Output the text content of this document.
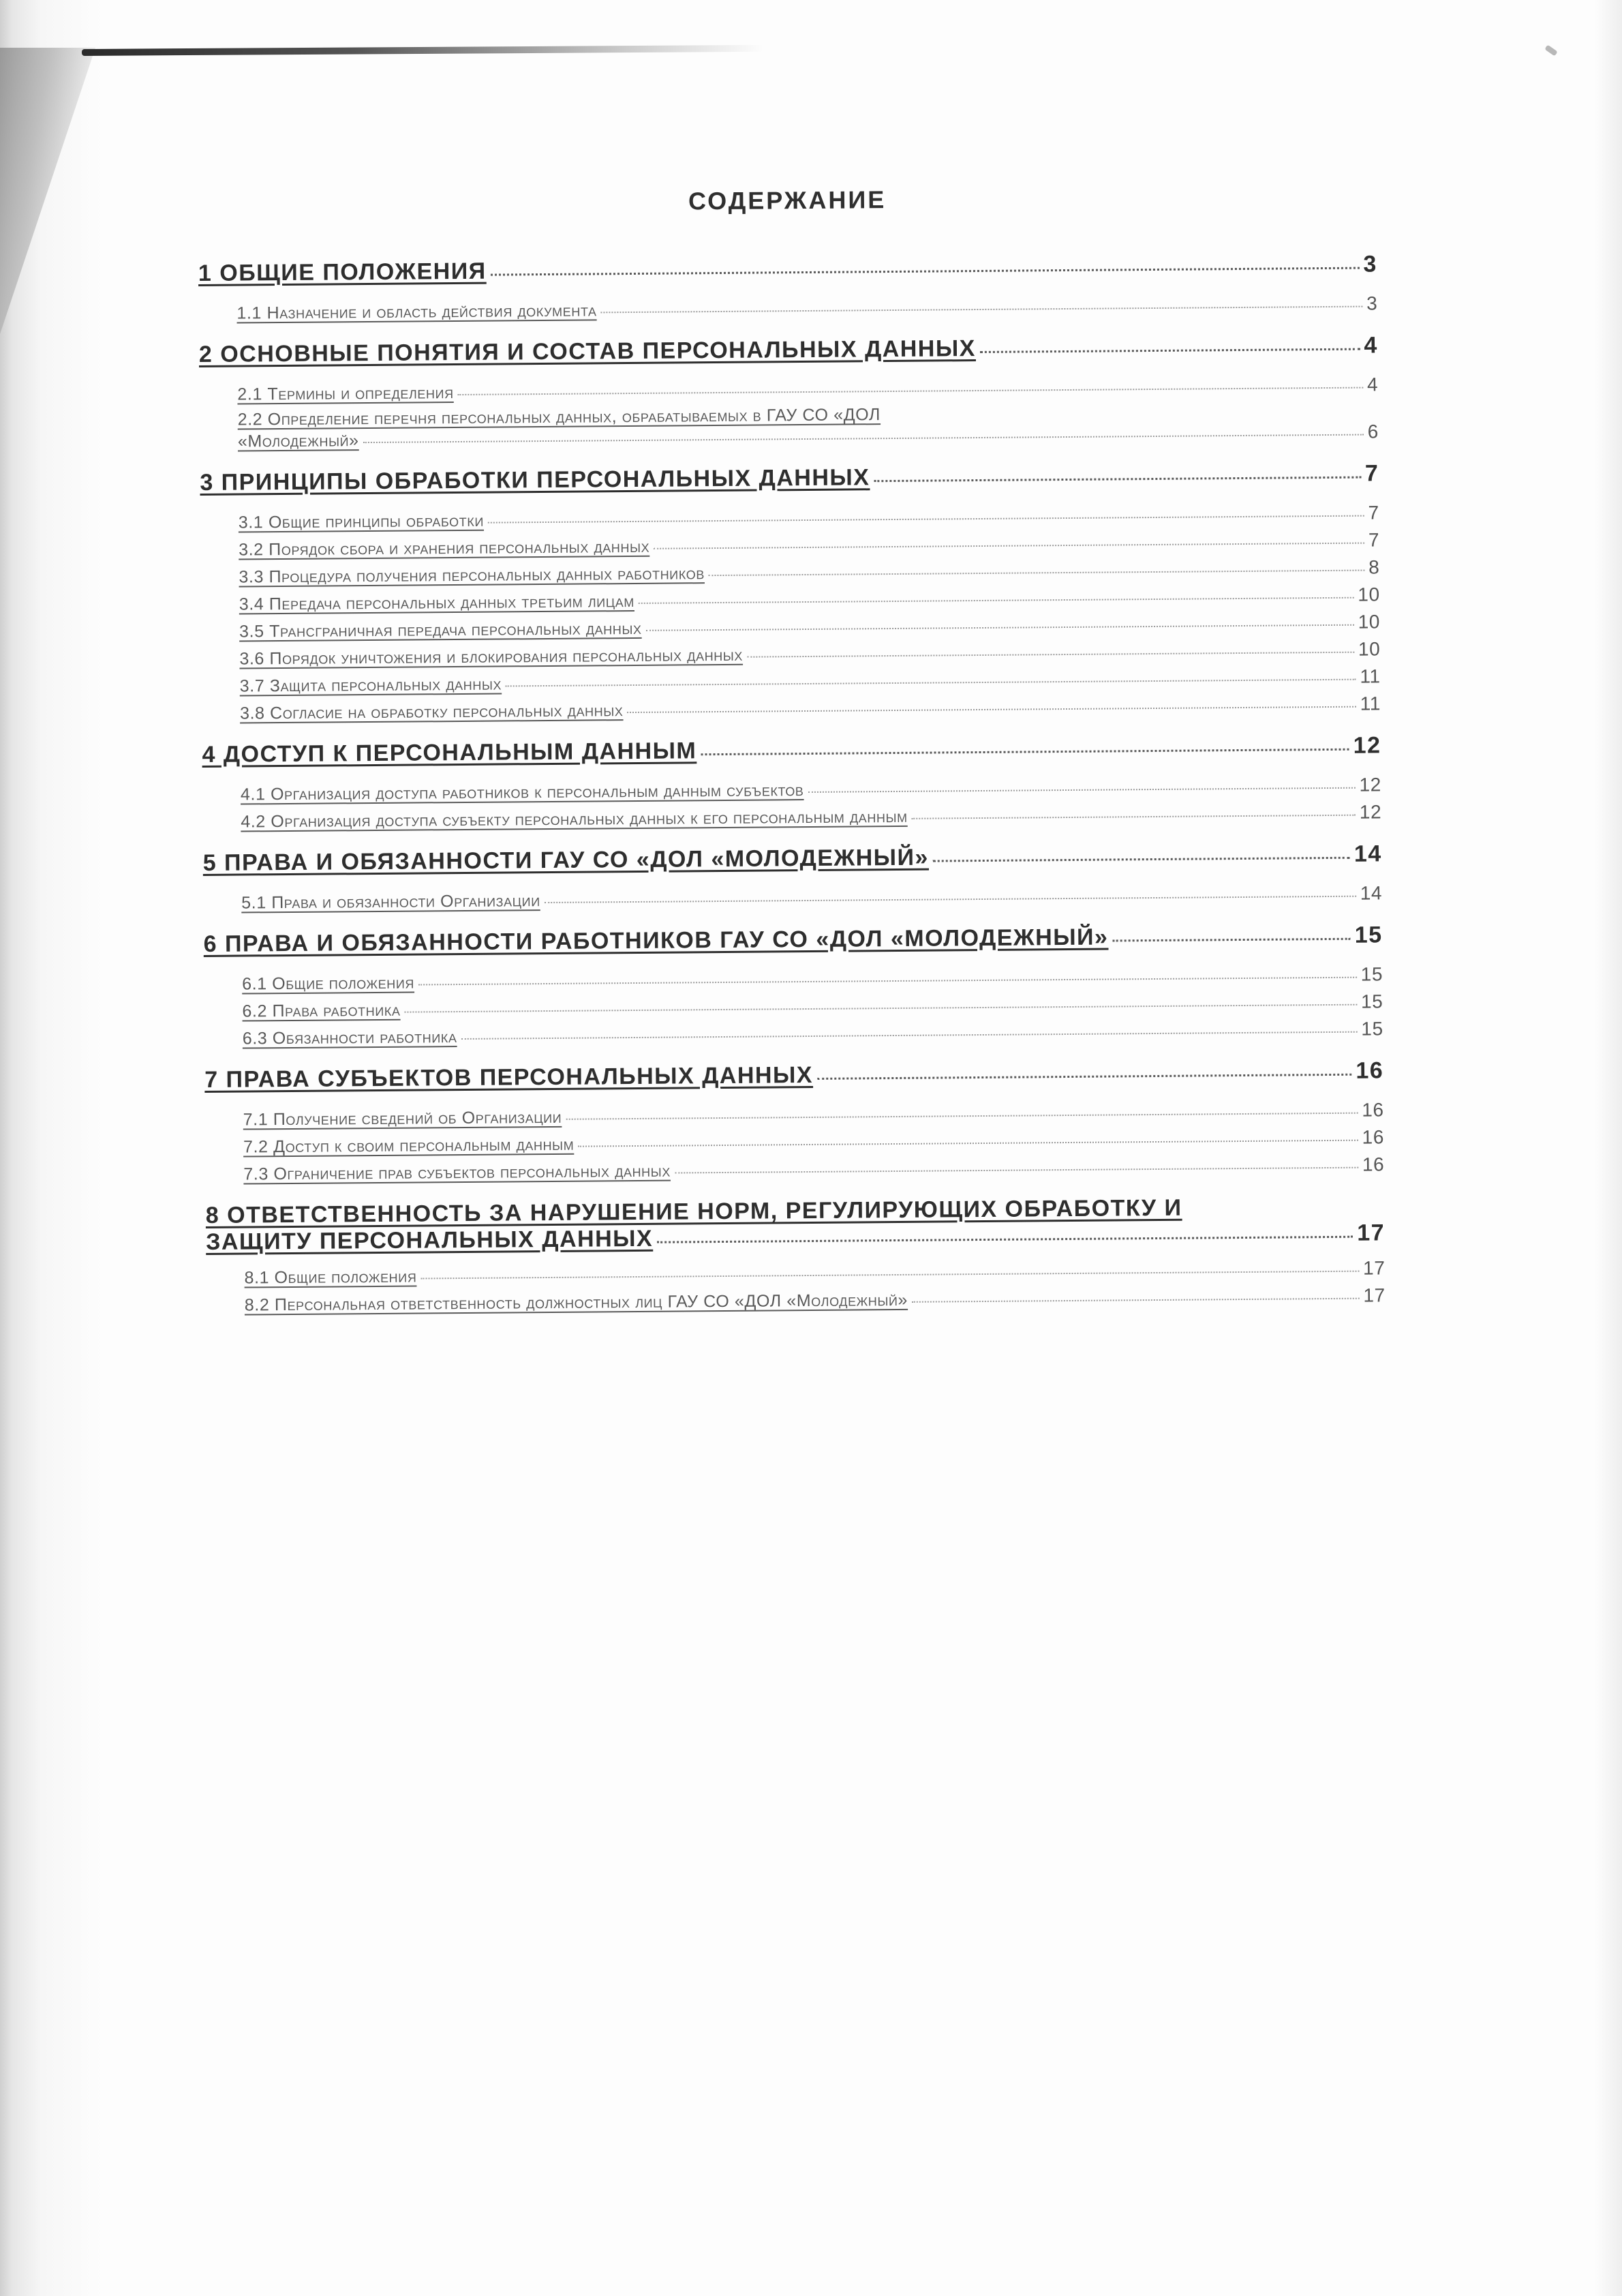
СОДЕРЖАНИЕ
1 ОБЩИЕ ПОЛОЖЕНИЯ	3
1.1 Назначение и область действия документа	3
2 ОСНОВНЫЕ ПОНЯТИЯ И СОСТАВ ПЕРСОНАЛЬНЫХ ДАННЫХ	4
2.1 Термины и определения	4
2.2 Определение перечня персональных данных, обрабатываемых в ГАУ СО «ДОЛ
«Молодежный»	6
3 ПРИНЦИПЫ ОБРАБОТКИ ПЕРСОНАЛЬНЫХ ДАННЫХ	7
3.1 Общие принципы обработки	7
3.2 Порядок сбора и хранения персональных данных	7
3.3 Процедура получения персональных данных работников	8
3.4 Передача персональных данных третьим лицам	10
3.5 Трансграничная передача персональных данных	10
3.6 Порядок уничтожения и блокирования персональных данных	10
3.7 Защита персональных данных	11
3.8 Согласие на обработку персональных данных	11
4 ДОСТУП К ПЕРСОНАЛЬНЫМ ДАННЫМ	12
4.1 Организация доступа работников к персональным данным субъектов	12
4.2 Организация доступа субъекту персональных данных к его персональным данным	12
5 ПРАВА И ОБЯЗАННОСТИ ГАУ СО «ДОЛ «МОЛОДЕЖНЫЙ»	14
5.1 Права и обязанности Организации	14
6 ПРАВА И ОБЯЗАННОСТИ РАБОТНИКОВ ГАУ СО «ДОЛ «МОЛОДЕЖНЫЙ»	15
6.1 Общие положения	15
6.2 Права работника	15
6.3 Обязанности работника	15
7 ПРАВА СУБЪЕКТОВ ПЕРСОНАЛЬНЫХ ДАННЫХ	16
7.1 Получение сведений об Организации	16
7.2 Доступ к своим персональным данным	16
7.3 Ограничение прав субъектов персональных данных	16
8 ОТВЕТСТВЕННОСТЬ ЗА НАРУШЕНИЕ НОРМ, РЕГУЛИРУЮЩИХ ОБРАБОТКУ И
ЗАЩИТУ ПЕРСОНАЛЬНЫХ ДАННЫХ	17
8.1 Общие положения	17
8.2 Персональная ответственность должностных лиц ГАУ СО «ДОЛ «Молодежный»	17
